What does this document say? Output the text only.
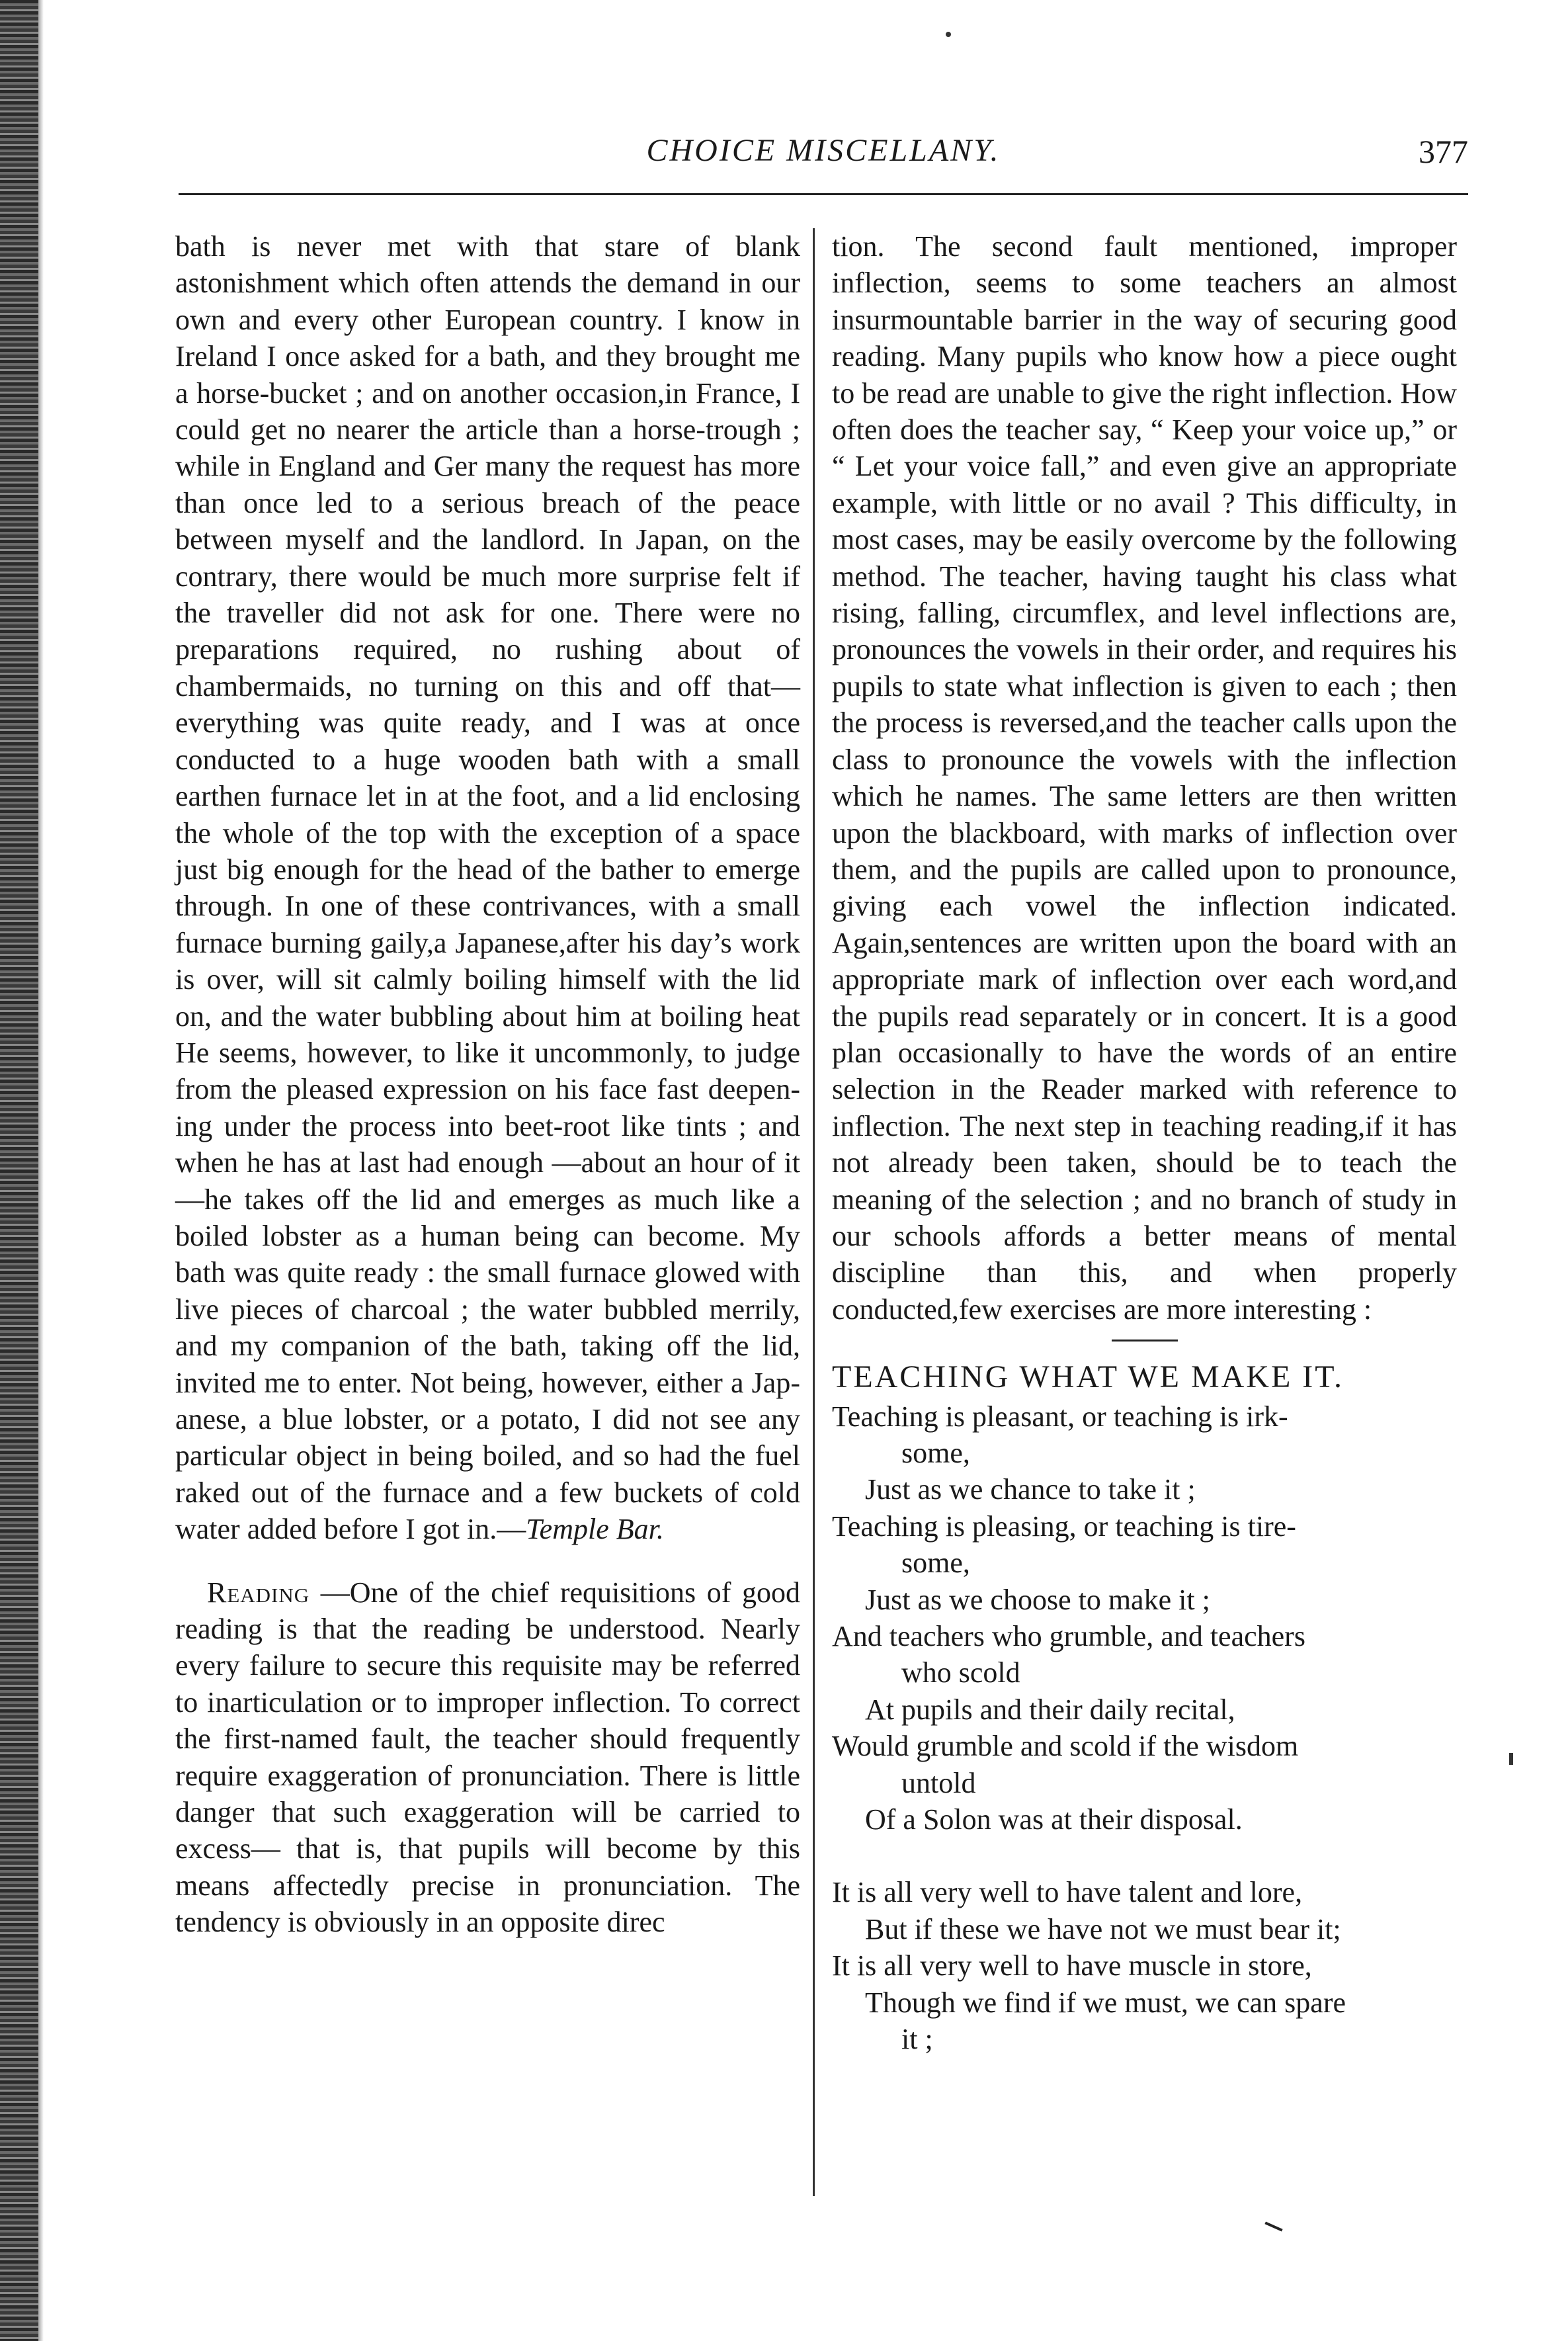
CHOICE MISCELLANY.	377

bath is never met with that stare of blank astonishment which often attends the demand in our own and every other European country. I know in Ireland I once asked for a bath, and they brought me a horse-bucket ; and on another occasion,in France, I could get no nearer the article than a horse-trough ; while in England and Ger many the request has more than once led to a serious breach of the peace between myself and the landlord. In Japan, on the contrary, there would be much more surprise felt if the traveller did not ask for one. There were no preparations required, no rushing about of chambermaids, no turning on this and off that—everything was quite ready, and I was at once conducted to a huge wooden bath with a small earthen furnace let in at the foot, and a lid enclosing the whole of the top with the exception of a space just big enough for the head of the bather to emerge through. In one of these contrivances, with a small furnace burning gaily,a Japanese,after his day’s work is over, will sit calmly boiling himself with the lid on, and the water bubbling about him at boiling heat He seems, however, to like it uncommonly, to judge from the pleased expression on his face fast deepening under the process into beet-root like tints ; and when he has at last had enough —about an hour of it—he takes off the lid and emerges as much like a boiled lobster as a human being can become. My bath was quite ready : the small furnace glowed with live pieces of charcoal ; the water bubbled merrily, and my companion of the bath, taking off the lid, invited me to enter. Not being, however, either a Japanese, a blue lobster, or a potato, I did not see any particular object in being boiled, and so had the fuel raked out of the furnace and a few buckets of cold water added before I got in.—Temple Bar.

Reading —One of the chief requisitions of good reading is that the reading be understood. Nearly every failure to secure this requisite may be referred to inarticulation or to improper inflection. To correct the first-named fault, the teacher should frequently require exaggeration of pronunciation. There is little danger that such exaggeration will be carried to excess— that is, that pupils will become by this means affectedly precise in pronunciation. The tendency is obviously in an opposite direc

tion. The second fault mentioned, improper inflection, seems to some teachers an almost insurmountable barrier in the way of securing good reading. Many pupils who know how a piece ought to be read are unable to give the right inflection. How often does the teacher say, “ Keep your voice up,” or “ Let your voice fall,” and even give an appropriate example, with little or no avail ? This difficulty, in most cases, may be easily overcome by the following method. The teacher, having taught his class what rising, falling, circumflex, and level inflections are, pronounces the vowels in their order, and requires his pupils to state what inflection is given to each ; then the process is reversed,and the teacher calls upon the class to pronounce the vowels with the inflection which he names. The same letters are then written upon the blackboard, with marks of inflection over them, and the pupils are called upon to pronounce, giving each vowel the inflection indicated. Again,sentences are written upon the board with an appropriate mark of inflection over each word,and the pupils read separately or in concert. It is a good plan occasionally to have the words of an entire selection in the Reader marked with reference to inflection. The next step in teaching reading,if it has not already been taken, should be to teach the meaning of the selection ; and no branch of study in our schools affords a better means of mental discipline than this, and when properly conducted,few exercises are more interesting :

TEACHING WHAT WE MAKE IT.
Teaching is pleasant, or teaching is irk-
some,
Just as we chance to take it ;
Teaching is pleasing, or teaching is tire-
some,
Just as we choose to make it ;
And teachers who grumble, and teachers
who scold
At pupils and their daily recital,
Would grumble and scold if the wisdom
untold
Of a Solon was at their disposal.
It is all very well to have talent and lore,
But if these we have not we must bear it;
It is all very well to have muscle in store,
Though we find if we must, we can spare
it ;
